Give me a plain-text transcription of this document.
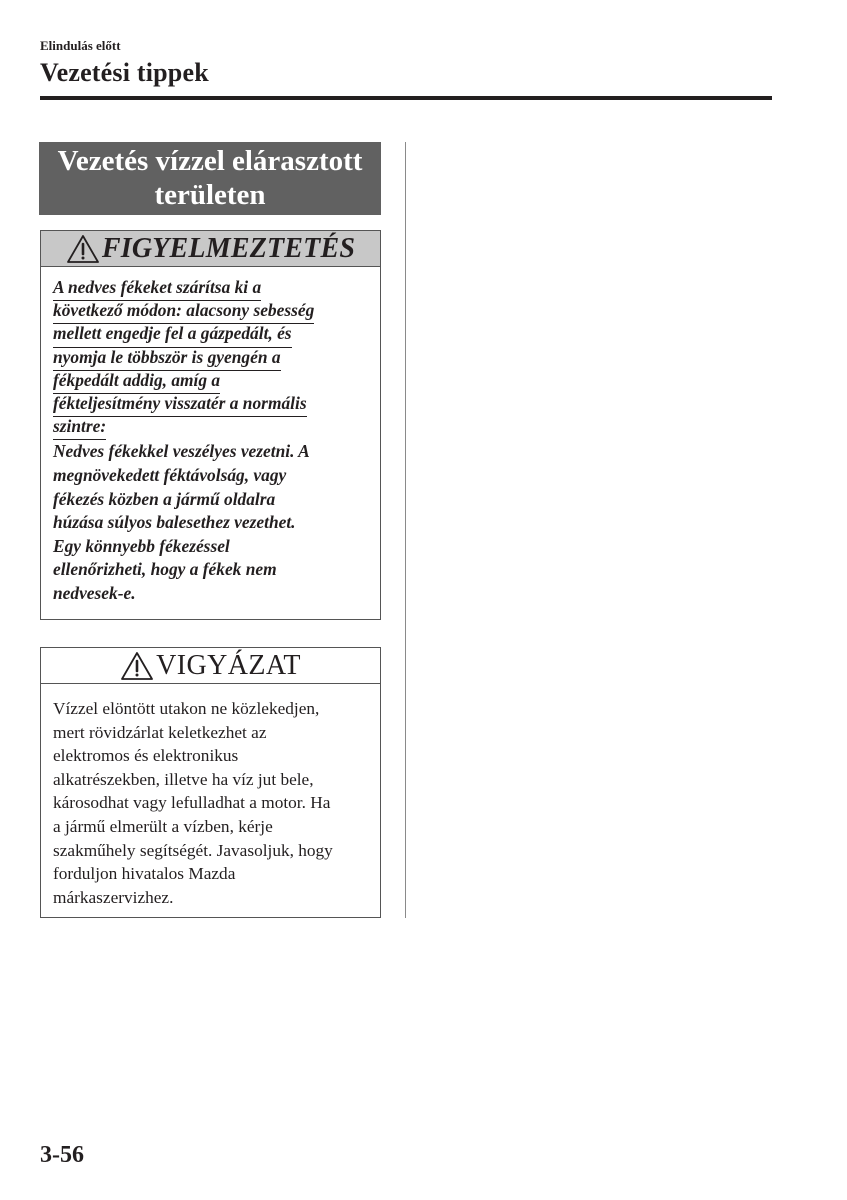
Elindulás előtt
Vezetési tippek
Vezetés vízzel elárasztott
területen
FIGYELMEZTETÉS
A nedves fékeket szárítsa ki a
következő módon: alacsony sebesség
mellett engedje fel a gázpedált, és
nyomja le többször is gyengén a
fékpedált addig, amíg a
fékteljesítmény visszatér a normális
szintre:
Nedves fékekkel veszélyes vezetni. A
megnövekedett féktávolság, vagy
fékezés közben a jármű oldalra
húzása súlyos balesethez vezethet.
Egy könnyebb fékezéssel
ellenőrizheti, hogy a fékek nem
nedvesek-e.
VIGYÁZAT
Vízzel elöntött utakon ne közlekedjen,
mert rövidzárlat keletkezhet az
elektromos és elektronikus
alkatrészekben, illetve ha víz jut bele,
károsodhat vagy lefulladhat a motor. Ha
a jármű elmerült a vízben, kérje
szakműhely segítségét. Javasoljuk, hogy
forduljon hivatalos Mazda
márkaszervizhez.
3-56
